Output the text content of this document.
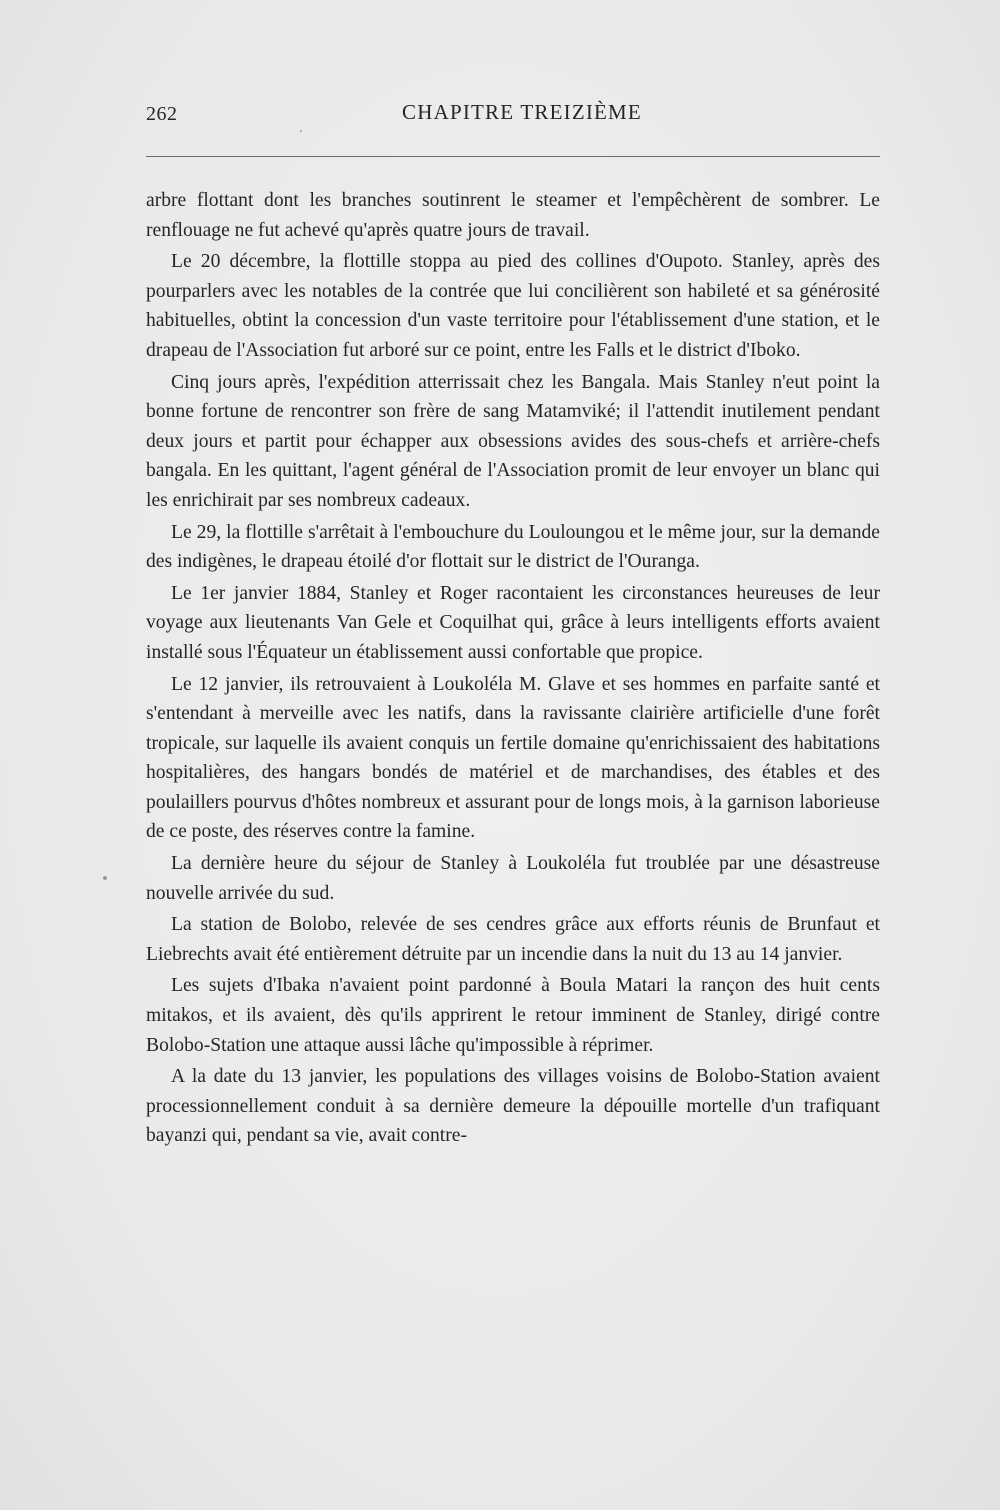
262	CHAPITRE TREIZIÈME

arbre flottant dont les branches soutinrent le steamer et l'empêchèrent de sombrer. Le renflouage ne fut achevé qu'après quatre jours de travail.

Le 20 décembre, la flottille stoppa au pied des collines d'Oupoto. Stanley, après des pourparlers avec les notables de la contrée que lui concilièrent son habileté et sa générosité habituelles, obtint la concession d'un vaste territoire pour l'établissement d'une station, et le drapeau de l'Association fut arboré sur ce point, entre les Falls et le district d'Iboko.

Cinq jours après, l'expédition atterrissait chez les Bangala. Mais Stanley n'eut point la bonne fortune de rencontrer son frère de sang Matamviké; il l'attendit inutilement pendant deux jours et partit pour échapper aux obsessions avides des sous-chefs et arrière-chefs bangala. En les quittant, l'agent général de l'Association promit de leur envoyer un blanc qui les enrichirait par ses nombreux cadeaux.

Le 29, la flottille s'arrêtait à l'embouchure du Louloungou et le même jour, sur la demande des indigènes, le drapeau étoilé d'or flottait sur le district de l'Ouranga.

Le 1er janvier 1884, Stanley et Roger racontaient les circonstances heureuses de leur voyage aux lieutenants Van Gele et Coquilhat qui, grâce à leurs intelligents efforts avaient installé sous l'Équateur un établissement aussi confortable que propice.

Le 12 janvier, ils retrouvaient à Loukoléla M. Glave et ses hommes en parfaite santé et s'entendant à merveille avec les natifs, dans la ravissante clairière artificielle d'une forêt tropicale, sur laquelle ils avaient conquis un fertile domaine qu'enrichissaient des habitations hospitalières, des hangars bondés de matériel et de marchandises, des étables et des poulaillers pourvus d'hôtes nombreux et assurant pour de longs mois, à la garnison laborieuse de ce poste, des réserves contre la famine.

La dernière heure du séjour de Stanley à Loukoléla fut troublée par une désastreuse nouvelle arrivée du sud.

La station de Bolobo, relevée de ses cendres grâce aux efforts réunis de Brunfaut et Liebrechts avait été entièrement détruite par un incendie dans la nuit du 13 au 14 janvier.

Les sujets d'Ibaka n'avaient point pardonné à Boula Matari la rançon des huit cents mitakos, et ils avaient, dès qu'ils apprirent le retour imminent de Stanley, dirigé contre Bolobo-Station une attaque aussi lâche qu'impossible à réprimer.

A la date du 13 janvier, les populations des villages voisins de Bolobo-Station avaient processionnellement conduit à sa dernière demeure la dépouille mortelle d'un trafiquant bayanzi qui, pendant sa vie, avait contre-
